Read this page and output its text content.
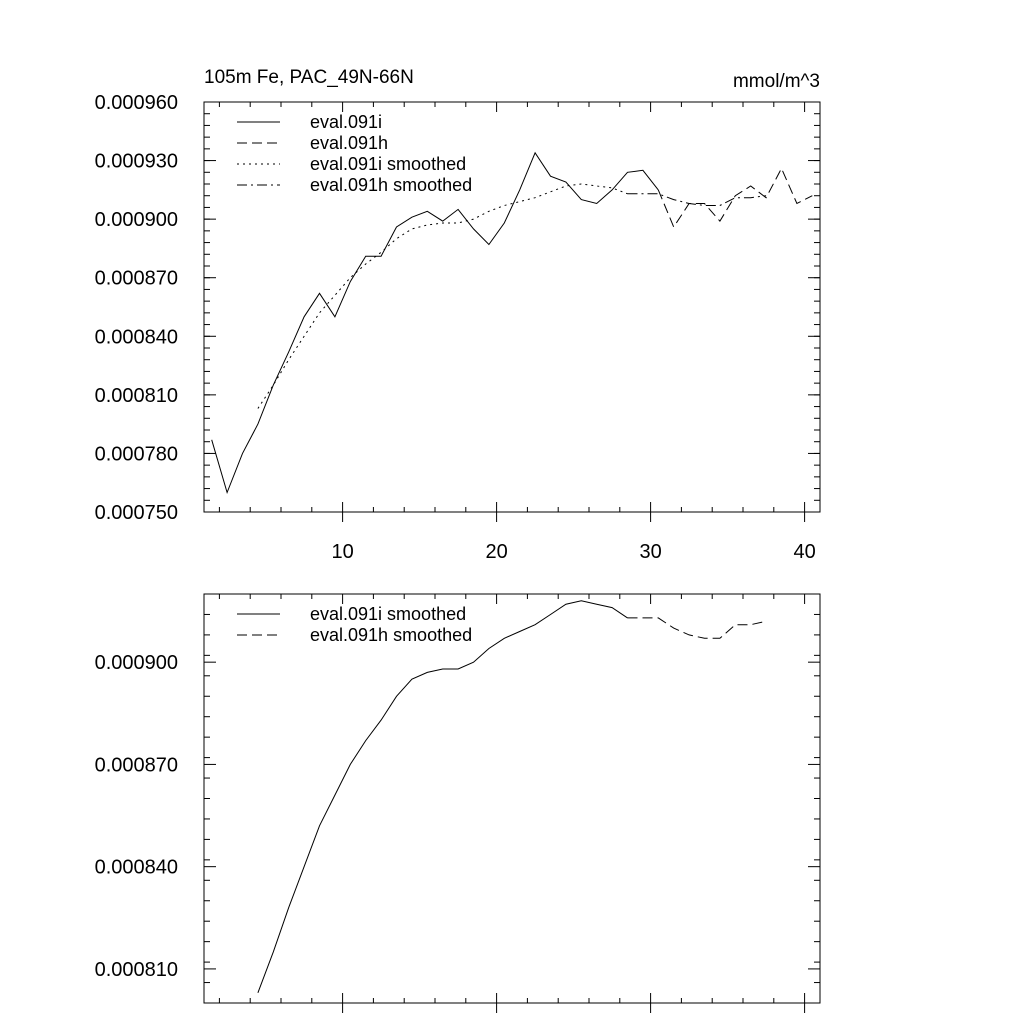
105m Fe, PAC_49N-66N	mmol/m^3
10	20	30	40
0.000750
0.000780
0.000810
0.000840
0.000870
0.000900
0.000930
0.000960
eval.091i
eval.091h
eval.091i smoothed
eval.091h smoothed
0.000810
0.000840
0.000870
0.000900
eval.091i smoothed
eval.091h smoothed
